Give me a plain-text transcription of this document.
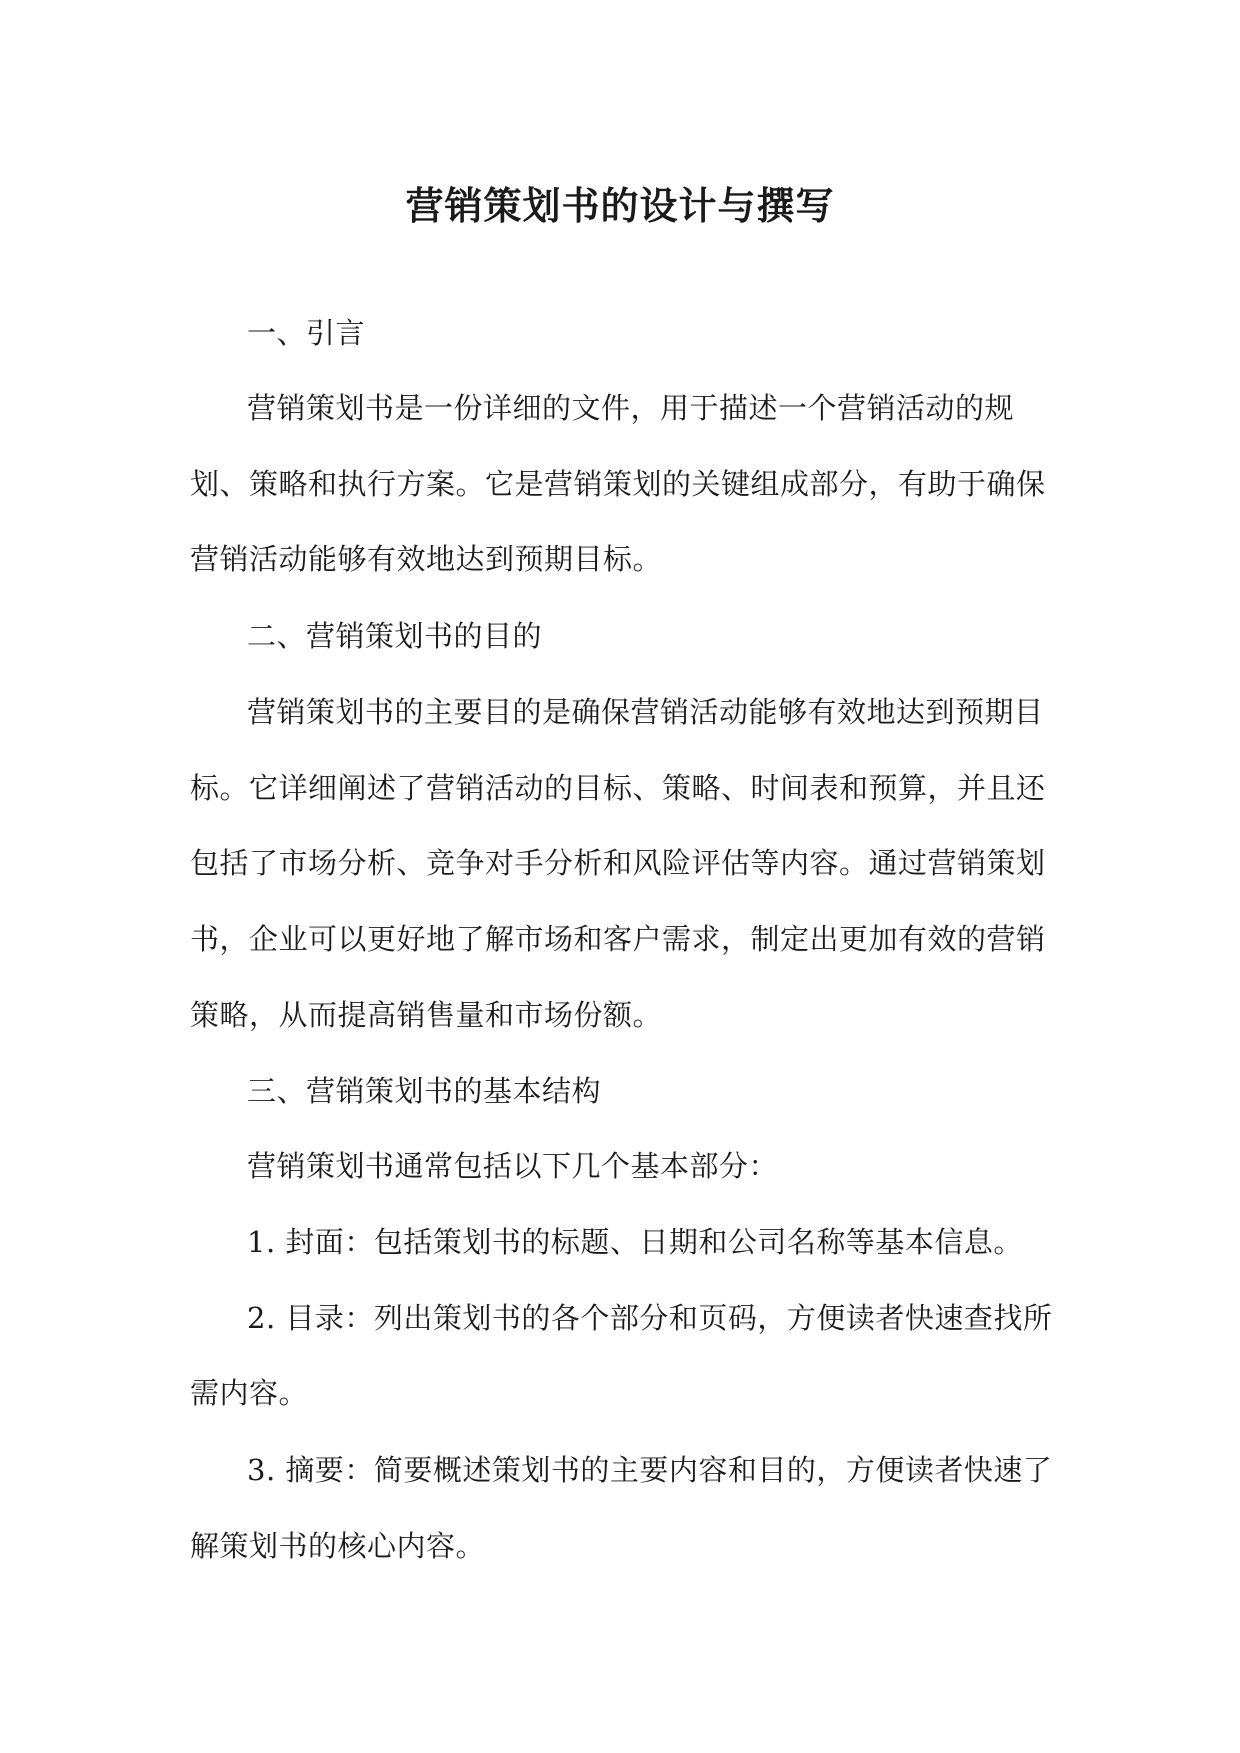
营销策划书的设计与撰写
一、引言
营销策划书是一份详细的文件，用于描述一个营销活动的规
划、策略和执行方案。它是营销策划的关键组成部分，有助于确保
营销活动能够有效地达到预期目标。
二、营销策划书的目的
营销策划书的主要目的是确保营销活动能够有效地达到预期目
标。它详细阐述了营销活动的目标、策略、时间表和预算，并且还
包括了市场分析、竞争对手分析和风险评估等内容。通过营销策划
书，企业可以更好地了解市场和客户需求，制定出更加有效的营销
策略，从而提高销售量和市场份额。
三、营销策划书的基本结构
营销策划书通常包括以下几个基本部分：
1. 封面：包括策划书的标题、日期和公司名称等基本信息。
2. 目录：列出策划书的各个部分和页码，方便读者快速查找所
需内容。
3. 摘要：简要概述策划书的主要内容和目的，方便读者快速了
解策划书的核心内容。
